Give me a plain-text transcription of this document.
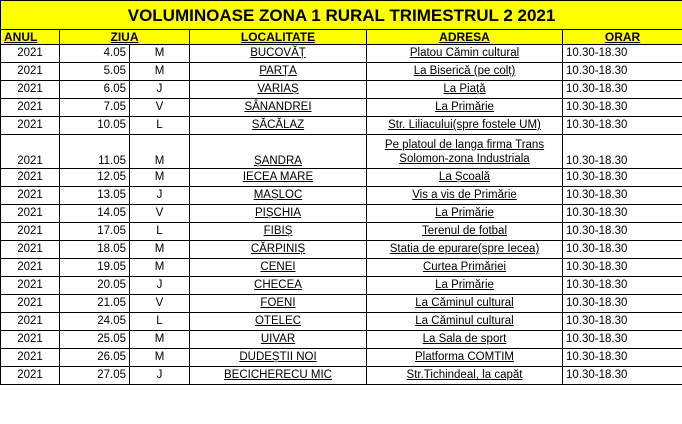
VOLUMINOASE ZONA 1 RURAL TRIMESTRUL 2 2021					
ANUL	ZIUA		LOCALITATE	ADRESA	ORAR
2021	4.05	M	BUCOVĂȚ	Platou Cămin cultural	10.30-18.30
2021	5.05	M	PARȚA	La Biserică (pe colț)	10.30-18.30
2021	6.05	J	VARIAȘ	La Piață	10.30-18.30
2021	7.05	V	SÂNANDREI	La Primărie	10.30-18.30
2021	10.05	L	SĂCĂLAZ	Str. Liliacului(spre fostele UM)	10.30-18.30
2021	11.05	M	ȘANDRA	Pe platoul de langa firma Trans Solomon-zona Industriala	10.30-18.30
2021	12.05	M	IECEA MARE	La Școală	10.30-18.30
2021	13.05	J	MAȘLOC	Vis a vis de Primărie	10.30-18.30
2021	14.05	V	PIȘCHIA	La Primărie	10.30-18.30
2021	17.05	L	FIBIȘ	Terenul de fotbal	10.30-18.30
2021	18.05	M	CĂRPINIȘ	Statia de epurare(spre Iecea)	10.30-18.30
2021	19.05	M	CENEI	Curtea Primăriei	10.30-18.30
2021	20.05	J	CHECEA	La Primărie	10.30-18.30
2021	21.05	V	FOENI	La Căminul cultural	10.30-18.30
2021	24.05	L	OTELEC	La Căminul cultural	10.30-18.30
2021	25.05	M	UIVAR	La Sala de sport	10.30-18.30
2021	26.05	M	DUDEȘTII NOI	Platforma COMTIM	10.30-18.30
2021	27.05	J	BECICHERECU MIC	Str.Tichindeal, la capăt	10.30-18.30
